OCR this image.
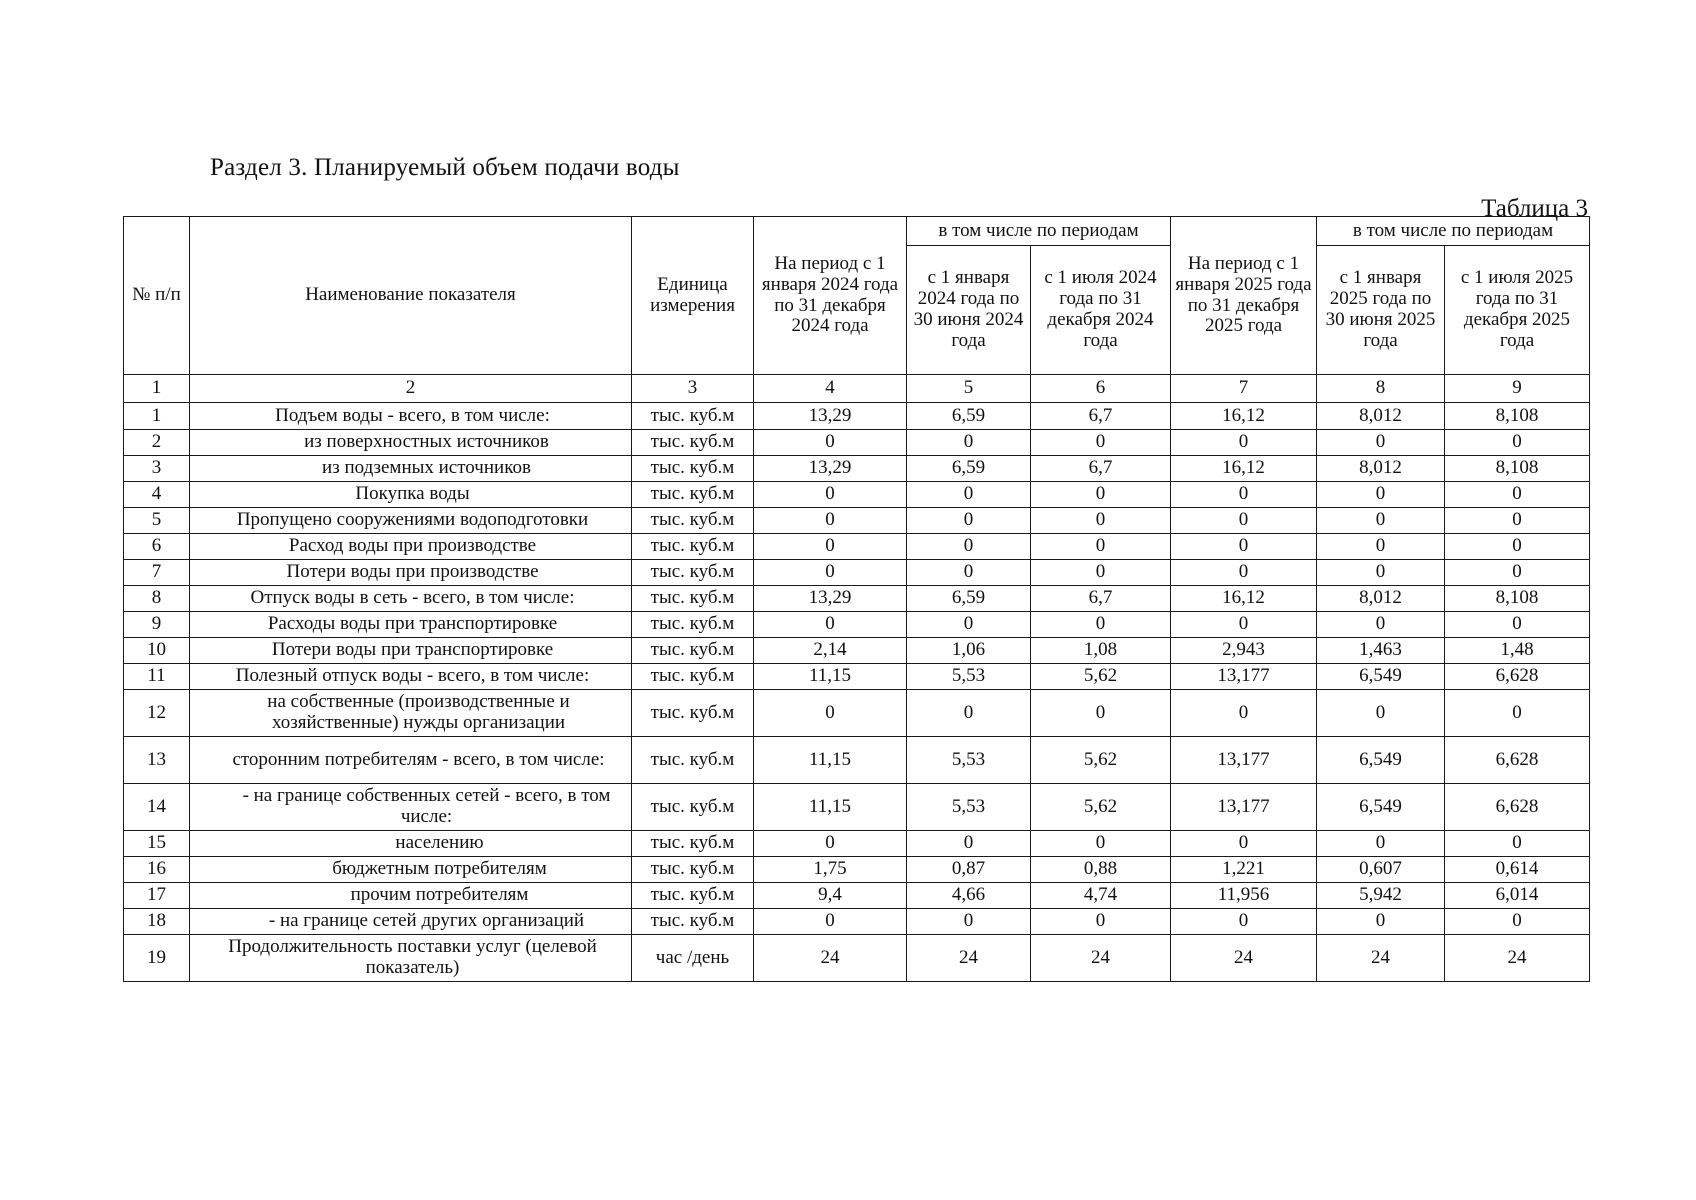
Раздел 3. Планируемый объем подачи воды
Таблица 3
№ п/п	Наименование показателя	Единица измерения	На период с 1 января 2024 года по 31 декабря 2024 года	в том числе по периодам		На период с 1 января 2025 года по 31 декабря 2025 года	в том числе по периодам	
				с 1 января 2024 года по 30 июня 2024 года	с 1 июля 2024 года по 31 декабря 2024 года		с 1 января 2025 года по 30 июня 2025 года	с 1 июля 2025 года по 31 декабря 2025 года
1	2	3	4	5	6	7	8	9
1	Подъем воды - всего, в том числе:	тыс. куб.м	13,29	6,59	6,7	16,12	8,012	8,108
2	из поверхностных источников	тыс. куб.м	0	0	0	0	0	0
3	из подземных источников	тыс. куб.м	13,29	6,59	6,7	16,12	8,012	8,108
4	Покупка воды	тыс. куб.м	0	0	0	0	0	0
5	Пропущено сооружениями водоподготовки	тыс. куб.м	0	0	0	0	0	0
6	Расход воды при производстве	тыс. куб.м	0	0	0	0	0	0
7	Потери воды при производстве	тыс. куб.м	0	0	0	0	0	0
8	Отпуск воды в сеть - всего, в том числе:	тыс. куб.м	13,29	6,59	6,7	16,12	8,012	8,108
9	Расходы воды при транспортировке	тыс. куб.м	0	0	0	0	0	0
10	Потери воды при транспортировке	тыс. куб.м	2,14	1,06	1,08	2,943	1,463	1,48
11	Полезный отпуск воды - всего, в том числе:	тыс. куб.м	11,15	5,53	5,62	13,177	6,549	6,628
12	на собственные (производственные и хозяйственные) нужды организации	тыс. куб.м	0	0	0	0	0	0
13	сторонним потребителям - всего, в том числе:	тыс. куб.м	11,15	5,53	5,62	13,177	6,549	6,628
14	- на границе собственных сетей - всего, в том числе:	тыс. куб.м	11,15	5,53	5,62	13,177	6,549	6,628
15	населению	тыс. куб.м	0	0	0	0	0	0
16	бюджетным потребителям	тыс. куб.м	1,75	0,87	0,88	1,221	0,607	0,614
17	прочим потребителям	тыс. куб.м	9,4	4,66	4,74	11,956	5,942	6,014
18	- на границе сетей других организаций	тыс. куб.м	0	0	0	0	0	0
19	Продолжительность поставки услуг (целевой показатель)	час /день	24	24	24	24	24	24
